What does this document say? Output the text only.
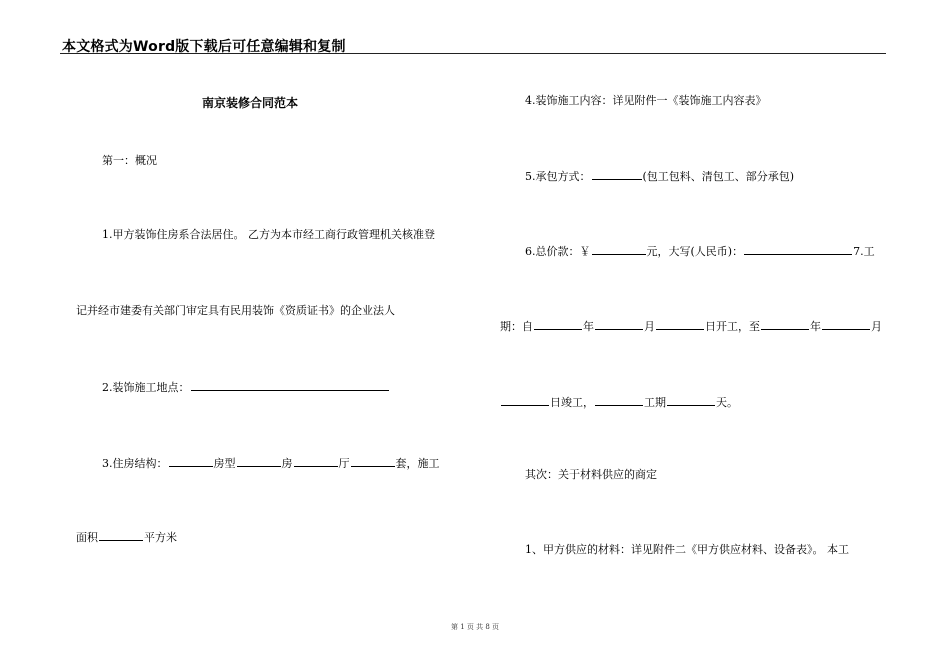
本文格式为Word版下载后可任意编辑和复制
南京装修合同范本
第一：概况
1.甲方装饰住房系合法居住。 乙方为本市经工商行政管理机关核准登
记并经市建委有关部门审定具有民用装饰《资质证书》的企业法人
2.装饰施工地点：
3.住房结构：	房型	房	厅	套，施工
面积	平方米
4.装饰施工内容：详见附件一《装饰施工内容表》
5.承包方式：	(包工包料、清包工、部分承包)
6.总价款：￥	元，大写(人民币)：	7.工
期：自	年	月	日开工，至	年	月
日竣工，	工期	天。
其次：关于材料供应的商定
1、甲方供应的材料：详见附件二《甲方供应材料、设备表》。 本工
第 1 页 共 8 页
